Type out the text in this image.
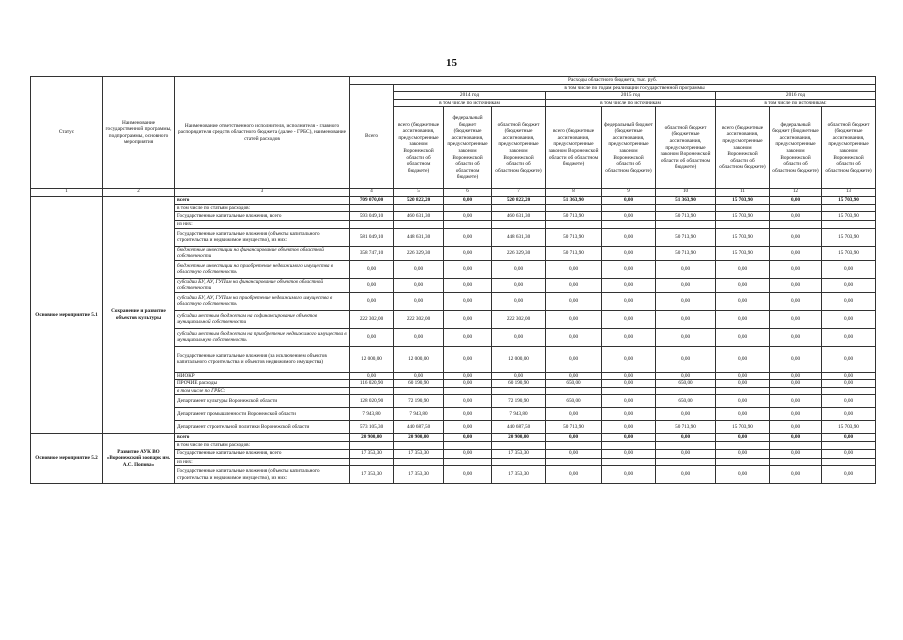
15
Статус	Наименование государственной программы, подпрограммы, основного мероприятия	Наименование ответственного исполнителя, исполнителя - главного распорядителя средств областного бюджета (далее - ГРБС), наименование статей расходов	Расходы областного бюджета, тыс. руб.									
			Всего	в том числе по годам реализации государственной программы								
				2014 год			2015 год			2016 год		
				в том числе по источникам			в том числе по источникам			в том числе по источникам:		
				всего (бюджетные ассигнования, предусмотренные законом Воронежской области об областном бюджете)	федеральный бюджет (бюджетные ассигнования, предусмотренные законом Воронежской области об областном бюджете)	областной бюджет (бюджетные ассигнования, предусмотренные законом Воронежской области об областном бюджете)	всего (бюджетные ассигнования, предусмотренные законом Воронежской области об областном бюджете)	федеральный бюджет (бюджетные ассигнования, предусмотренные законом Воронежской области об областном бюджете)	областной бюджет (бюджетные ассигнования, предусмотренные законом Воронежской области об областном бюджете)	всего (бюджетные ассигнования, предусмотренные законом Воронежской области об областном бюджете)	федеральный бюджет (бюджетные ассигнования, предусмотренные законом Воронежской области об областном бюджете)	областной бюджет (бюджетные ассигнования, предусмотренные законом Воронежской области об областном бюджете)
1	2	3	4	5	6	7	8	9	10	11	12	13
Основное мероприятие 5.1	Сохранение и развитие объектов культуры	всего	709 070,00	520 822,20	0,00	520 822,20	51 363,90	0,00	51 363,90	15 703,90	0,00	15 703,90
		в том числе по статьям расходов:										
		Государственные капитальные вложения, всего	593 049,10	460 631,30	0,00	460 631,30	50 713,90	0,00	50 713,90	15 703,90	0,00	15 703,90
		из них:										
		Государственные капитальные вложения (объекты капитального строительства и недвижимое имущество), из них:	581 049,10	448 631,30	0,00	448 631,30	50 713,90	0,00	50 713,90	15 703,90	0,00	15 703,90
		бюджетные инвестиции на финансирование объектов областной собственности	358 747,10	226 329,30	0,00	226 329,30	50 713,90	0,00	50 713,90	15 703,90	0,00	15 703,90
		бюджетные инвестиции на приобретение недвижимого имущества в областную собственность	0,00	0,00	0,00	0,00	0,00	0,00	0,00	0,00	0,00	0,00
		субсидии БУ, АУ, ГУПам на финансирование объектов областной собственности	0,00	0,00	0,00	0,00	0,00	0,00	0,00	0,00	0,00	0,00
		субсидии БУ, АУ, ГУПам на приобретение недвижимого имущества в областную собственность	0,00	0,00	0,00	0,00	0,00	0,00	0,00	0,00	0,00	0,00
		субсидии местным бюджетам на софинансирование объектов муниципальной собственности	222 302,00	222 302,00	0,00	222 302,00	0,00	0,00	0,00	0,00	0,00	0,00
		субсидии местным бюджетам на приобретение недвижимого имущества в муниципальную собственность	0,00	0,00	0,00	0,00	0,00	0,00	0,00	0,00	0,00	0,00
		Государственные капитальные вложения (за исключением объектов капитального строительства и объектов недвижимого имущества)	12 000,00	12 000,00	0,00	12 000,00	0,00	0,00	0,00	0,00	0,00	0,00
		НИОКР	0,00	0,00	0,00	0,00	0,00	0,00	0,00	0,00	0,00	0,00
		ПРОЧИЕ расходы	116 020,90	60 190,90	0,00	60 190,90	650,00	0,00	650,00	0,00	0,00	0,00
		в том числе по ГРБС:										
		Департамент культуры Воронежской области	128 020,90	72 190,90	0,00	72 190,90	650,00	0,00	650,00	0,00	0,00	0,00
		Департамент промышленности Воронежской области	7 943,80	7 943,80	0,00	7 943,80	0,00	0,00	0,00	0,00	0,00	0,00
		Департамент строительной политики Воронежской области	573 105,30	440 687,50	0,00	440 687,50	50 713,90	0,00	50 713,90	15 703,90	0,00	15 703,90
Основное мероприятие 5.2	Развитие АУК ВО «Воронежский зоопарк им. А.С. Попова»	всего	20 900,00	20 900,00	0,00	20 900,00	0,00	0,00	0,00	0,00	0,00	0,00
		в том числе по статьям расходов:										
		Государственные капитальные вложения, всего	17 353,30	17 353,30	0,00	17 353,30	0,00	0,00	0,00	0,00	0,00	0,00
		из них:										
		Государственные капитальные вложения (объекты капитального строительства и недвижимое имущество), из них:	17 353,30	17 353,30	0,00	17 353,30	0,00	0,00	0,00	0,00	0,00	0,00
